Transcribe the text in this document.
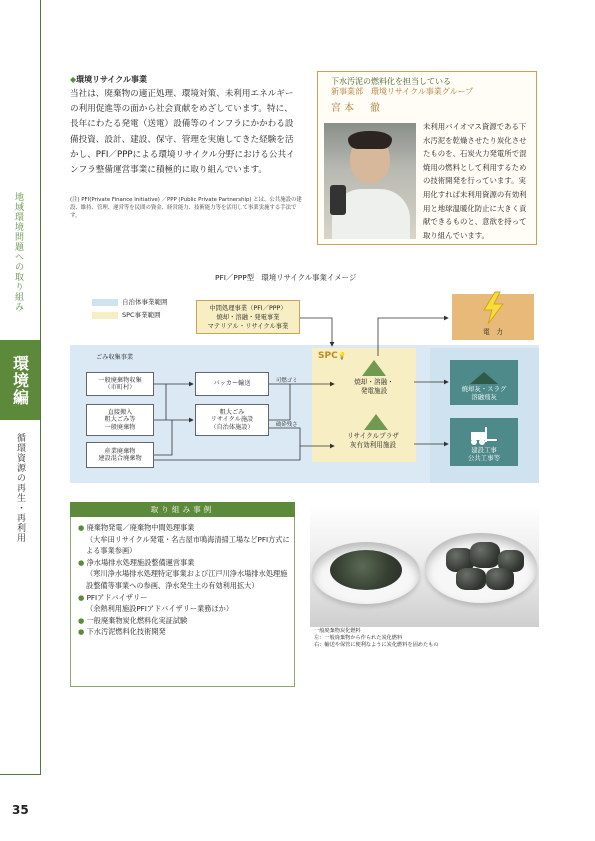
地域環境問題への取り組み
環境編
循環資源の再生・再利用
35
◆環境リサイクル事業
当社は、廃棄物の適正処理、環境対策、未利用エネルギーの利用促進等の面から社会貢献をめざしています。特に、長年にわたる発電（送電）設備等のインフラにかかわる設備投資、設計、建設、保守、管理を実施してきた経験を活かし、PFI／PPPによる環境リサイクル分野における公共インフラ整備運営事業に積極的に取り組んでいます。
(注) PFI(Private Finance Initiative) ／PPP (Public Private Partnership) とは、公共施設の建設、維持、管理、運営等を民間の資金、経営能力、技術能力等を活用して事業実施する手法です。
下水汚泥の燃料化を担当している
新事業部　環境リサイクル事業グループ
宮本　徹
未利用バイオマス資源である下水汚泥を乾燥させたり炭化させたものを、石炭火力発電所で混焼用の燃料として利用するための技術開発を行っています。実用化すれば未利用資源の有効利用と地球温暖化防止に大きく貢献できるものと、意欲を持って取り組んでいます。
PFI／PPP型　環境リサイクル事業イメージ
自治体事業範囲
SPC事業範囲
中間処理事業（PFI／PPP）
焼却・溶融・発電事業
マテリアル・リサイクル事業
電　力
ごみ収集事業
一般廃棄物収集
（市町村）
直接搬入
粗大ごみ等
一般廃棄物
産業廃棄物
建設混合廃棄物
パッカー輸送
粗大ごみ
リサイクル施設
（自治体施設）
可燃ゴミ
破砕残さ
SPC💡
焼却・溶融・
発電施設
リサイクルプラザ
灰有効利用施設
焼却灰・スラグ
溶融飛灰
建設工事
公共工事等
取り組み事例
● 廃棄物発電／廃棄物中間処理事業
（大牟田リサイクル発電・名古屋市鳴海清掃工場などPFI方式による事業参画）
● 浄水場排水処理施設整備運営事業
（寒川浄水場排水処理特定事業および江戸川浄水場排水処理施設整備等事業への参画、浄水発生土の有効利用拡大）
● PFIアドバイザリー
（余熱利用施設PFIアドバイザリー業務ほか）
● 一般廃棄物炭化燃料化実証試験
● 下水汚泥燃料化技術開発	一般廃棄物炭化燃料
左：一般廃棄物から作られた炭化燃料
右：輸送や保管に便利なように炭化燃料を固めたもの
